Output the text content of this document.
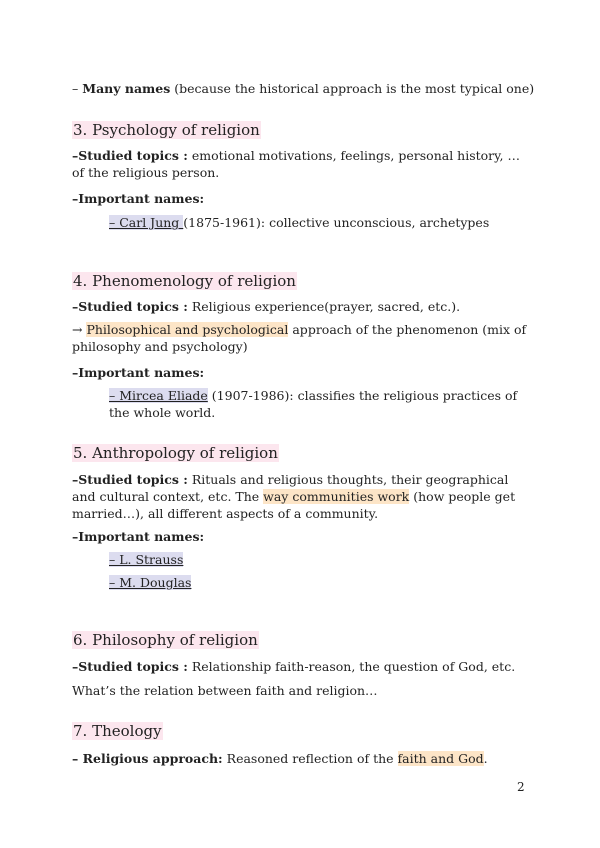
– Many names (because the historical approach is the most typical one)
3. Psychology of religion
–Studied topics : emotional motivations, feelings, personal history, … of the religious person.
–Important names:
– Carl Jung (1875-1961): collective unconscious, archetypes
4. Phenomenology of religion
–Studied topics : Religious experience(prayer, sacred, etc.).
→ Philosophical and psychological approach of the phenomenon (mix of philosophy and psychology)
–Important names:
– Mircea Eliade (1907-1986): classifies the religious practices of the whole world.
5. Anthropology of religion
–Studied topics : Rituals and religious thoughts, their geographical and cultural context, etc. The way communities work (how people get married…), all different aspects of a community.
–Important names:
– L. Strauss
– M. Douglas
6. Philosophy of religion
–Studied topics : Relationship faith-reason, the question of God, etc.
What’s the relation between faith and religion…
7. Theology
– Religious approach: Reasoned reflection of the faith and God.
2
